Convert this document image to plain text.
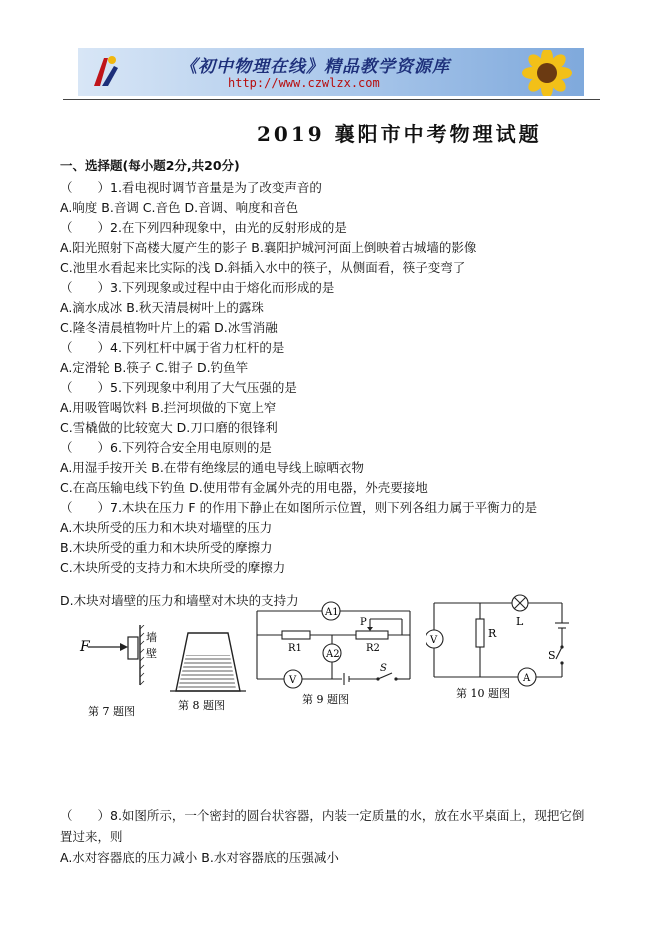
《初中物理在线》精品教学资源库
http://www.czwlzx.com
2019 襄阳市中考物理试题
一、选择题(每小题2分,共20分)
（　　）1.看电视时调节音量是为了改变声音的
A.响度 B.音调 C.音色 D.音调、响度和音色
（　　）2.在下列四种现象中，由光的反射形成的是
A.阳光照射下高楼大厦产生的影子 B.襄阳护城河河面上倒映着古城墙的影像
C.池里水看起来比实际的浅 D.斜插入水中的筷子，从侧面看，筷子变弯了
（　　）3.下列现象或过程中由于熔化而形成的是
A.滴水成冰 B.秋天清晨树叶上的露珠
C.隆冬清晨植物叶片上的霜 D.冰雪消融
（　　）4.下列杠杆中属于省力杠杆的是
A.定滑轮 B.筷子 C.钳子 D.钓鱼竿
（　　）5.下列现象中利用了大气压强的是
A.用吸管喝饮料 B.拦河坝做的下宽上窄
C.雪橇做的比较宽大 D.刀口磨的很锋利
（　　）6.下列符合安全用电原则的是
A.用湿手按开关 B.在带有绝缘层的通电导线上晾晒衣物
C.在高压输电线下钓鱼 D.使用带有金属外壳的用电器，外壳要接地
（　　）7.木块在压力 F 的作用下静止在如图所示位置，则下列各组力属于平衡力的是
A.木块所受的压力和木块对墙壁的压力
B.木块所受的重力和木块所受的摩擦力
C.木块所受的支持力和木块所受的摩擦力
D.木块对墙壁的压力和墙壁对木块的支持力
F
墙
壁
第 7 题图	第 8 题图
A1
A2
V
R1	R2
P
S
第 9 题图
V
A
R
L
S
第 10 题图
（　　）8.如图所示，一个密封的圆台状容器，内装一定质量的水，放在水平桌面上，现把它倒
置过来，则
A.水对容器底的压力减小 B.水对容器底的压强减小
